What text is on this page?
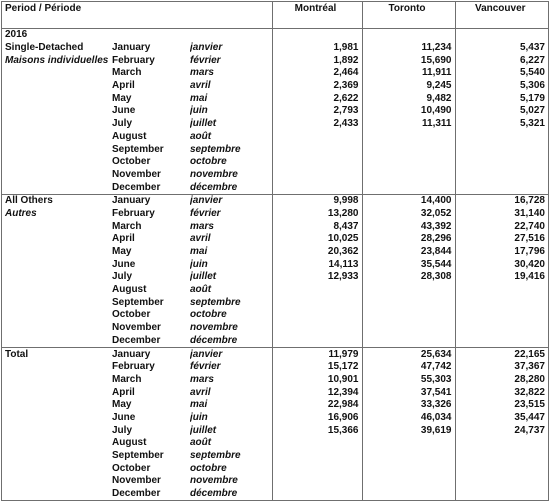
Period / Période			Montréal	Toronto	Vancouver
2016					
Single-Detached	January	janvier	1,981	11,234	5,437
Maisons individuelles	February	février	1,892	15,690	6,227
	March	mars	2,464	11,911	5,540
	April	avril	2,369	9,245	5,306
	May	mai	2,622	9,482	5,179
	June	juin	2,793	10,490	5,027
	July	juillet	2,433	11,311	5,321
	August	août			
	September	septembre			
	October	octobre			
	November	novembre			
	December	décembre			
All Others	January	janvier	9,998	14,400	16,728
Autres	February	février	13,280	32,052	31,140
	March	mars	8,437	43,392	22,740
	April	avril	10,025	28,296	27,516
	May	mai	20,362	23,844	17,796
	June	juin	14,113	35,544	30,420
	July	juillet	12,933	28,308	19,416
	August	août			
	September	septembre			
	October	octobre			
	November	novembre			
	December	décembre			
Total	January	janvier	11,979	25,634	22,165
	February	février	15,172	47,742	37,367
	March	mars	10,901	55,303	28,280
	April	avril	12,394	37,541	32,822
	May	mai	22,984	33,326	23,515
	June	juin	16,906	46,034	35,447
	July	juillet	15,366	39,619	24,737
	August	août			
	September	septembre			
	October	octobre			
	November	novembre			
	December	décembre			
